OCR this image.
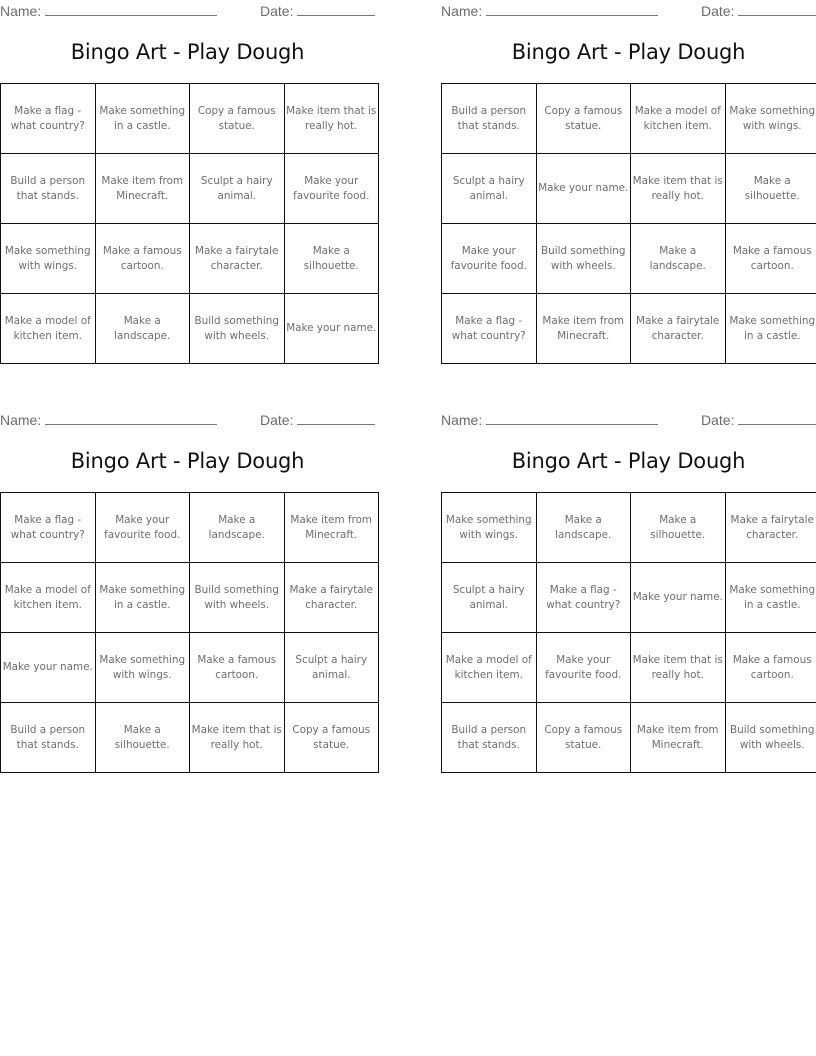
Name:	Date:
Bingo Art - Play Dough
Make a flag - what country?	Make something in a castle.	Copy a famous statue.	Make item that is really hot.
Build a person that stands.	Make item from Minecraft.	Sculpt a hairy animal.	Make your favourite food.
Make something with wings.	Make a famous cartoon.	Make a fairytale character.	Make a silhouette.
Make a model of kitchen item.	Make a landscape.	Build something with wheels.	Make your name.
Name:	Date:
Bingo Art - Play Dough
Build a person that stands.	Copy a famous statue.	Make a model of kitchen item.	Make something with wings.
Sculpt a hairy animal.	Make your name.	Make item that is really hot.	Make a silhouette.
Make your favourite food.	Build something with wheels.	Make a landscape.	Make a famous cartoon.
Make a flag - what country?	Make item from Minecraft.	Make a fairytale character.	Make something in a castle.
Name:	Date:
Bingo Art - Play Dough
Make a flag - what country?	Make your favourite food.	Make a landscape.	Make item from Minecraft.
Make a model of kitchen item.	Make something in a castle.	Build something with wheels.	Make a fairytale character.
Make your name.	Make something with wings.	Make a famous cartoon.	Sculpt a hairy animal.
Build a person that stands.	Make a silhouette.	Make item that is really hot.	Copy a famous statue.
Name:	Date:
Bingo Art - Play Dough
Make something with wings.	Make a landscape.	Make a silhouette.	Make a fairytale character.
Sculpt a hairy animal.	Make a flag - what country?	Make your name.	Make something in a castle.
Make a model of kitchen item.	Make your favourite food.	Make item that is really hot.	Make a famous cartoon.
Build a person that stands.	Copy a famous statue.	Make item from Minecraft.	Build something with wheels.
